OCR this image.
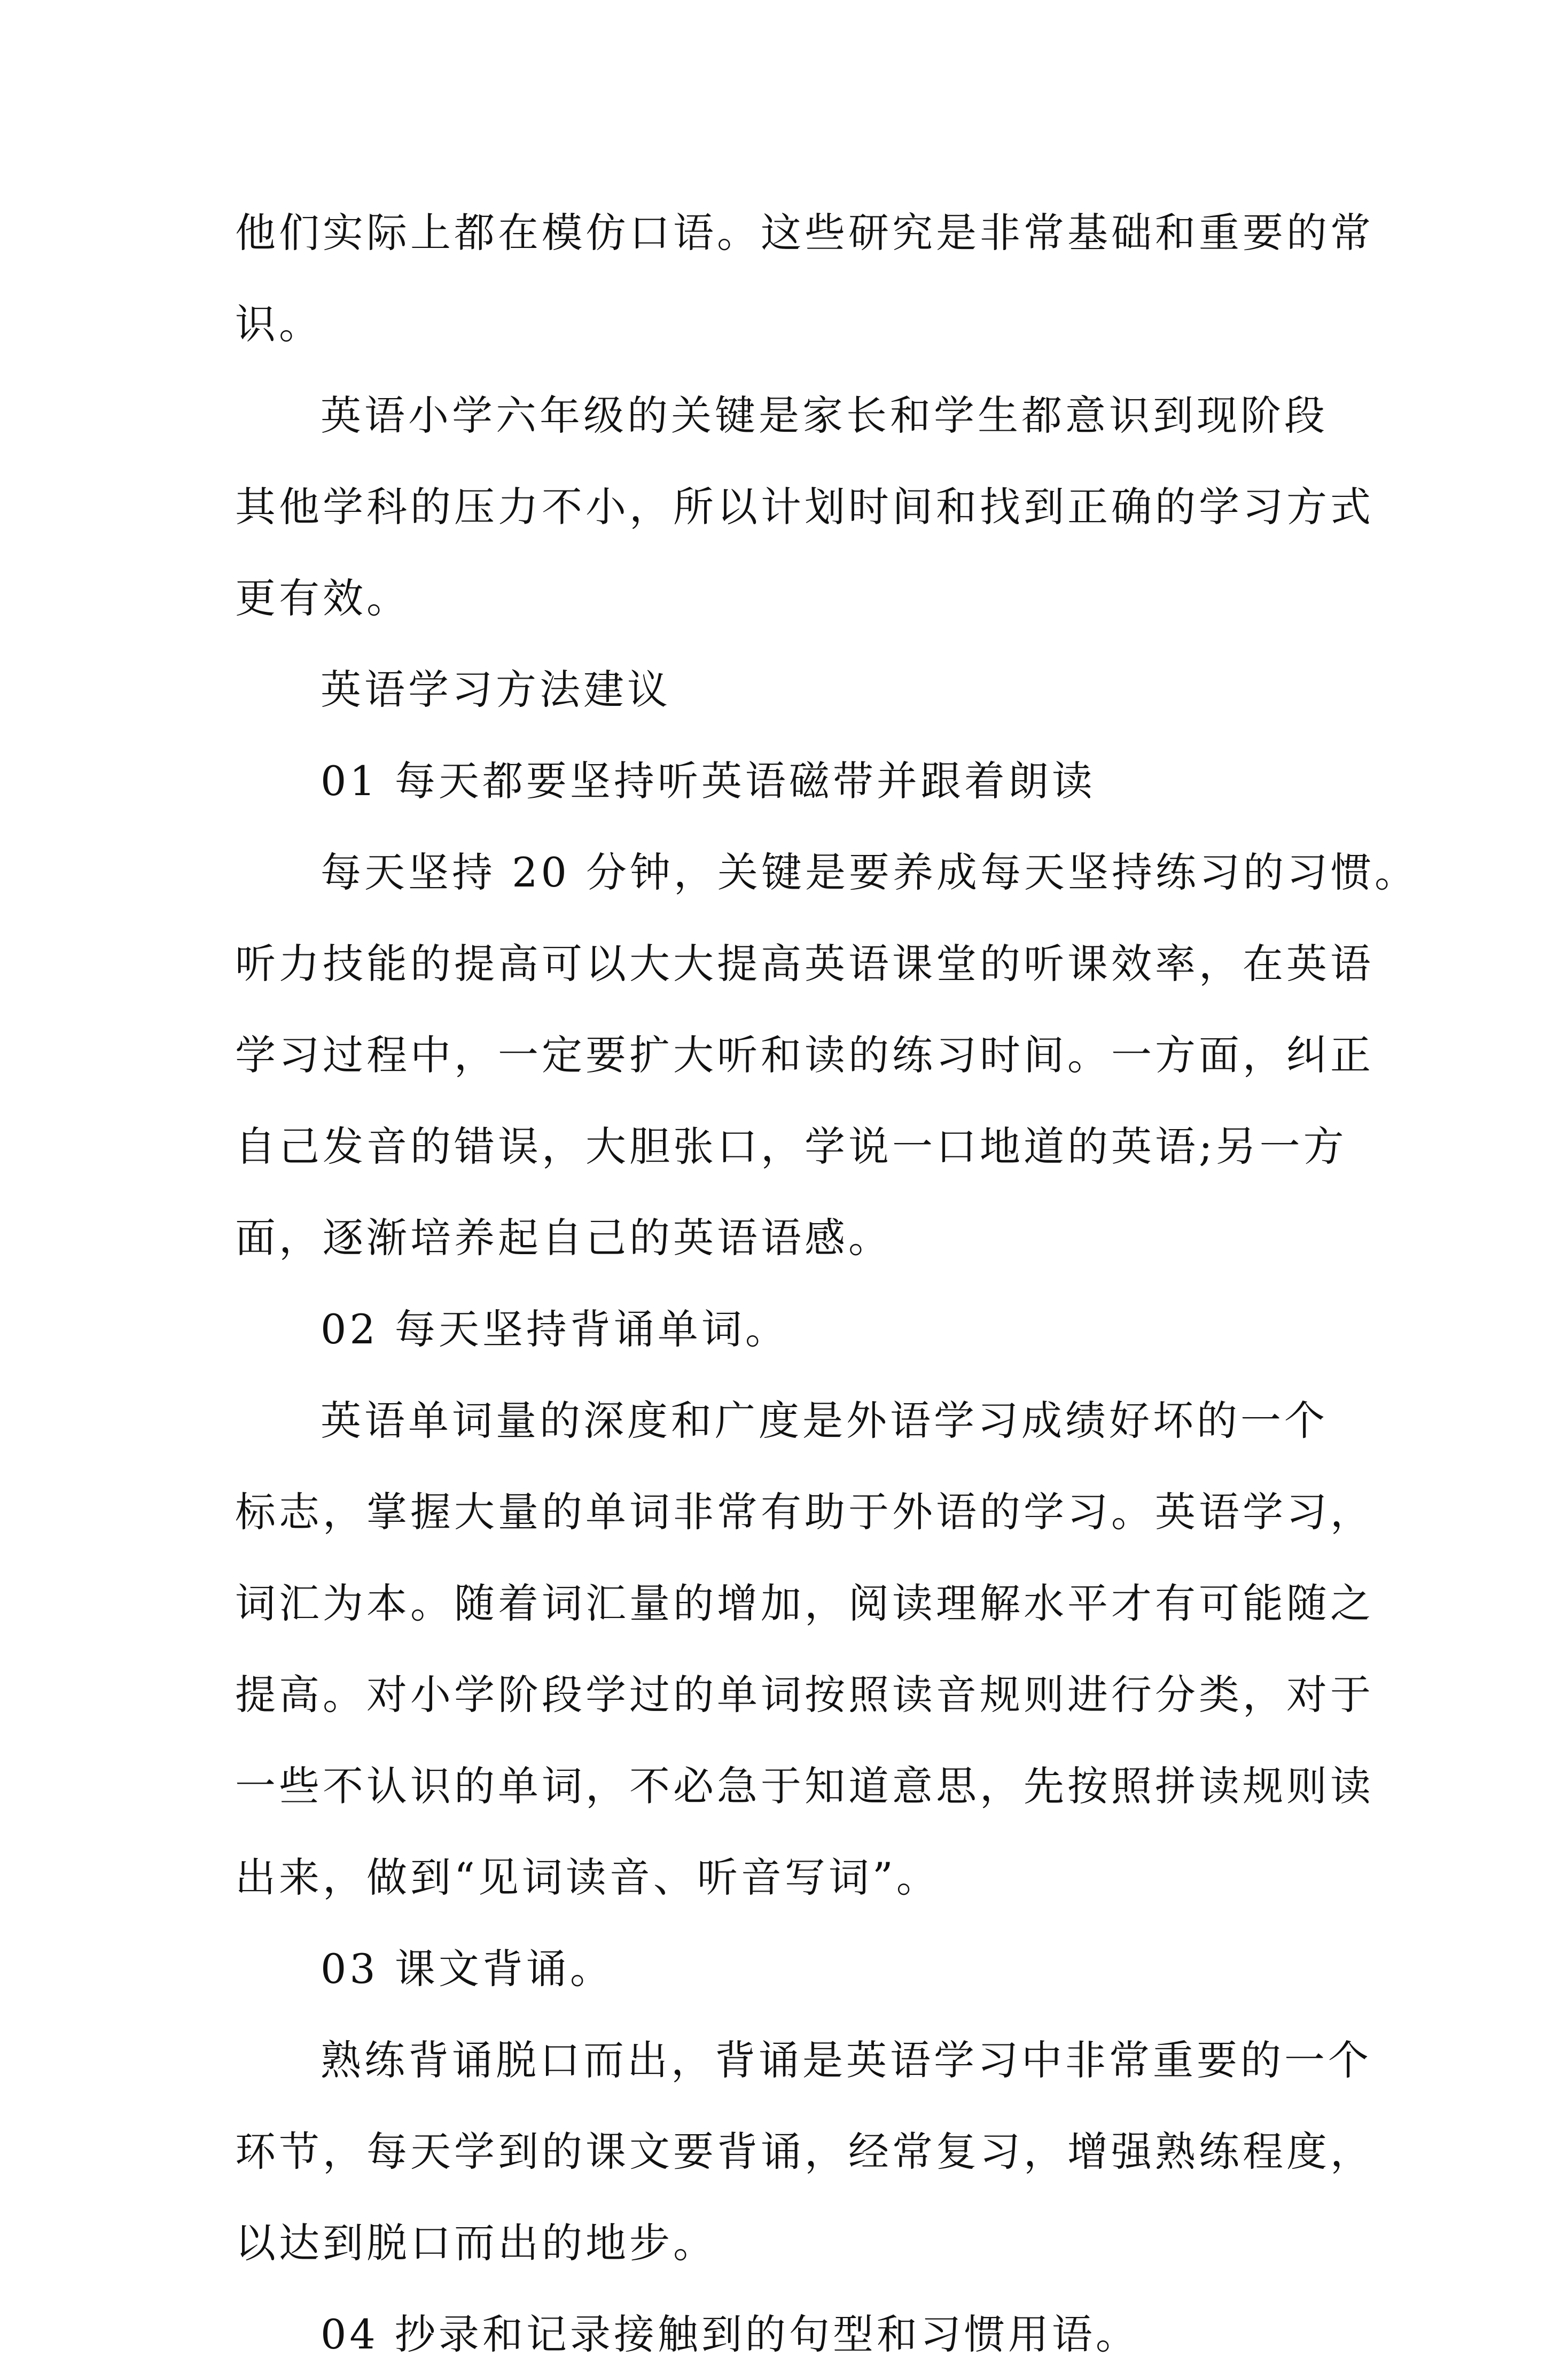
他们实际上都在模仿口语。这些研究是非常基础和重要的常
识。
英语小学六年级的关键是家长和学生都意识到现阶段
其他学科的压力不小，所以计划时间和找到正确的学习方式
更有效。
英语学习方法建议
01 每天都要坚持听英语磁带并跟着朗读
每天坚持 20 分钟，关键是要养成每天坚持练习的习惯。
听力技能的提高可以大大提高英语课堂的听课效率，在英语
学习过程中，一定要扩大听和读的练习时间。一方面，纠正
自己发音的错误，大胆张口，学说一口地道的英语;另一方
面，逐渐培养起自己的英语语感。
02 每天坚持背诵单词。
英语单词量的深度和广度是外语学习成绩好坏的一个
标志，掌握大量的单词非常有助于外语的学习。英语学习，
词汇为本。随着词汇量的增加，阅读理解水平才有可能随之
提高。对小学阶段学过的单词按照读音规则进行分类，对于
一些不认识的单词，不必急于知道意思，先按照拼读规则读
出来，做到“见词读音、听音写词”。
03 课文背诵。
熟练背诵脱口而出，背诵是英语学习中非常重要的一个
环节，每天学到的课文要背诵，经常复习，增强熟练程度，
以达到脱口而出的地步。
04 抄录和记录接触到的句型和习惯用语。
